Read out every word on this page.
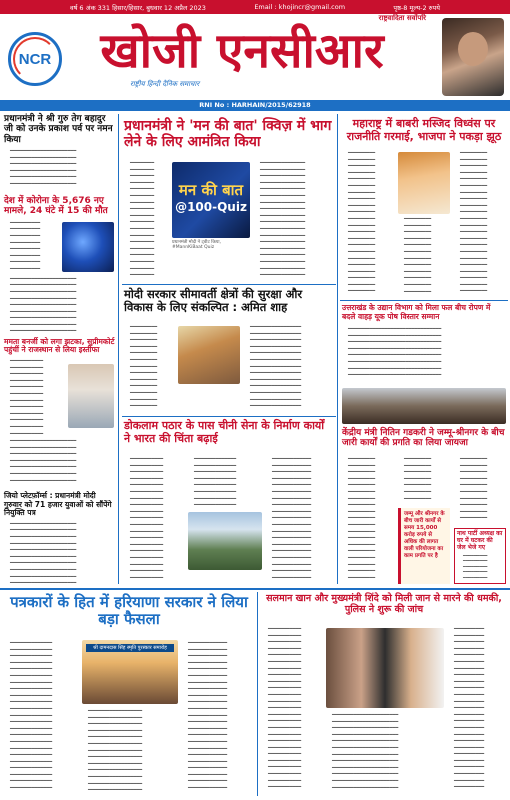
वर्ष 6 अंक 331 हिसार/हिसार, बुधवार 12 अप्रैल 2023	Email : khojincr@gmail.com	पृष्ठ-8 मूल्य-2 रुपये
NCR
राष्ट्रवादिता सर्वोपरि
खोजी एनसीआर
राष्ट्रीय हिन्दी दैनिक समाचार
RNI No : HARHAIN/2015/62918
प्रधानमंत्री ने श्री गुरु तेग बहादुर जी को उनके प्रकाश पर्व पर नमन किया

━━━━━━━━━━━━━━━━━━━━━━

━━━━━━━━━━━━━━━━━━━━━━

━━━━━━━━━━━━━━━━━━━━━━

━━━━━━━━━━━━━━━━━━━━━━

━━━━━━━━━━━━━━━━━━━━━━

━━━━━━━━━━━━━━━━━━━━━━

देश में कोरोना के 5,676 नए मामले, 24 घंटे में 15 की मौत

━━━━━━━━━━

━━━━━━━━━━

━━━━━━━━━━

━━━━━━━━━━

━━━━━━━━━━

━━━━━━━━━━

━━━━━━━━━━

━━━━━━━━━━

━━━━━━━━━━━━━━━━━━━━━━

━━━━━━━━━━━━━━━━━━━━━━

━━━━━━━━━━━━━━━━━━━━━━

━━━━━━━━━━━━━━━━━━━━━━

━━━━━━━━━━━━━━━━━━━━━━

━━━━━━━━━━━━━━━━━━━━━━

━━━━━━━━━━━━━━━━━━━━━━

━━━━━━━━━━━━━━━━━━━━━━

━━━━━━━━━━━━━━━━━━━━━━

ममता बनर्जी को लगा झटका, सुप्रीमकोर्ट पहुंचीं ने राजस्थान से लिया इस्तीफा

━━━━━━━━━━━

━━━━━━━━━━━

━━━━━━━━━━━

━━━━━━━━━━━

━━━━━━━━━━━

━━━━━━━━━━━

━━━━━━━━━━━

━━━━━━━━━━━

━━━━━━━━━━━

━━━━━━━━━━━

━━━━━━━━━━━

━━━━━━━━━━━

━━━━━━━━━━━━━━━━━━━━━━

━━━━━━━━━━━━━━━━━━━━━━

━━━━━━━━━━━━━━━━━━━━━━

━━━━━━━━━━━━━━━━━━━━━━

━━━━━━━━━━━━━━━━━━━━━━

━━━━━━━━━━━━━━━━━━━━━━

━━━━━━━━━━━━━━━━━━━━━━

जियो प्लेटफ़ॉर्म्स : प्रधानमंत्री मोदी गुरुवार को 71 हजार युवाओं को सौंपेंगे नियुक्ति पत्र

━━━━━━━━━━━━━━━━━━━━━━

━━━━━━━━━━━━━━━━━━━━━━

━━━━━━━━━━━━━━━━━━━━━━

━━━━━━━━━━━━━━━━━━━━━━

━━━━━━━━━━━━━━━━━━━━━━

━━━━━━━━━━━━━━━━━━━━━━

━━━━━━━━━━━━━━━━━━━━━━

━━━━━━━━━━━━━━━━━━━━━━

━━━━━━━━━━━━━━━━━━━━━━

━━━━━━━━━━━━━━━━━━━━━━

प्रधानमंत्री ने 'मन की बात' क्विज़ में भाग लेने के लिए आमंत्रित किया

━━━━━━━━

━━━━━━━━

━━━━━━━━

━━━━━━━━

━━━━━━━━

━━━━━━━━

━━━━━━━━

━━━━━━━━

━━━━━━━━

━━━━━━━━

━━━━━━━━

━━━━━━━━

━━━━━━━━

━━━━━━━━

━━━━━━━━

━━━━━━━━

━━━━━━━━

━━━━━━━━

मन की बात
@100-Quiz
प्रधानमंत्री मोदी ने ट्वीट किया, #MannKiBaat Quiz

━━━━━━━━━━━━━━━

━━━━━━━━━━━━━━━

━━━━━━━━━━━━━━━

━━━━━━━━━━━━━━━

━━━━━━━━━━━━━━━

━━━━━━━━━━━━━━━

━━━━━━━━━━━━━━━

━━━━━━━━━━━━━━━

━━━━━━━━━━━━━━━

━━━━━━━━━━━━━━━

━━━━━━━━━━━━━━━

━━━━━━━━━━━━━━━

━━━━━━━━━━━━━━━

━━━━━━━━━━━━━━━

━━━━━━━━━━━━━━━

━━━━━━━━━━━━━━━

━━━━━━━━━━━━━━━

━━━━━━━━━━━━━━━

मोदी सरकार सीमावर्ती क्षेत्रों की सुरक्षा और विकास के लिए संकल्पित : अमित शाह

━━━━━━━━━

━━━━━━━━━

━━━━━━━━━

━━━━━━━━━

━━━━━━━━━

━━━━━━━━━

━━━━━━━━━

━━━━━━━━━

━━━━━━━━━

━━━━━━━━━

━━━━━━━━━

━━━━━━━━━

━━━━━━━━━

━━━━━━━━━━━━━━━━━

━━━━━━━━━━━━━━━━━

━━━━━━━━━━━━━━━━━

━━━━━━━━━━━━━━━━━

━━━━━━━━━━━━━━━━━

━━━━━━━━━━━━━━━━━

━━━━━━━━━━━━━━━━━

━━━━━━━━━━━━━━━━━

━━━━━━━━━━━━━━━━━

━━━━━━━━━━━━━━━━━

━━━━━━━━━━━━━━━━━

━━━━━━━━━━━━━━━━━

━━━━━━━━━━━━━━━━━

डोकलाम पठार के पास चीनी सेना के निर्माण कार्यों ने भारत की चिंता बढ़ाई

━━━━━━━━━━━

━━━━━━━━━━━

━━━━━━━━━━━

━━━━━━━━━━━

━━━━━━━━━━━

━━━━━━━━━━━

━━━━━━━━━━━

━━━━━━━━━━━

━━━━━━━━━━━

━━━━━━━━━━━

━━━━━━━━━━━

━━━━━━━━━━━

━━━━━━━━━━━

━━━━━━━━━━━

━━━━━━━━━━━

━━━━━━━━━━━

━━━━━━━━━━━

━━━━━━━━━━━

━━━━━━━━━━━

━━━━━━━━━━━━━━

━━━━━━━━━━━━━━

━━━━━━━━━━━━━━

━━━━━━━━━━━━━━

━━━━━━━━━━━━━━

━━━━━━━━━━━━━━

━━━━━━━━━━━━━━

━━━━━━━━━━━━━━

━━━━━━━━━━━━━

━━━━━━━━━━━━━

━━━━━━━━━━━━━

━━━━━━━━━━━━━

━━━━━━━━━━━━━

━━━━━━━━━━━━━

━━━━━━━━━━━━━

━━━━━━━━━━━━━

━━━━━━━━━━━━━

━━━━━━━━━━━━━

━━━━━━━━━━━━━

━━━━━━━━━━━━━

━━━━━━━━━━━━━

━━━━━━━━━━━━━

━━━━━━━━━━━━━

━━━━━━━━━━━━━

━━━━━━━━━━━━━

━━━━━━━━━━━━━

━━━━━━━━━━━━━

महाराष्ट्र में बाबरी मस्जिद विध्वंस पर राजनीति गरमाई, भाजपा ने पकड़ा झूठ

━━━━━━━━━

━━━━━━━━━

━━━━━━━━━

━━━━━━━━━

━━━━━━━━━

━━━━━━━━━

━━━━━━━━━

━━━━━━━━━

━━━━━━━━━

━━━━━━━━━

━━━━━━━━━

━━━━━━━━━

━━━━━━━━━

━━━━━━━━━

━━━━━━━━━

━━━━━━━━━

━━━━━━━━━

━━━━━━━━━

━━━━━━━━━

━━━━━━━━━

━━━━━━━━━

━━━━━━━━━

━━━━━━━━━

━━━━━━━━━

━━━━━━━━━

━━━━━━━━━

━━━━━━━━━

━━━━━━━━━

━━━━━━━━━

━━━━━━━━━

━━━━━━━━━

━━━━━━━━━

━━━━━━━━━

━━━━━━━━━

━━━━━━━━━

━━━━━━━━━

━━━━━━━━━

━━━━━━━━━

━━━━━━━━━

━━━━━━━━━

━━━━━━━━━

━━━━━━━━━

━━━━━━━━━

━━━━━━━━━

━━━━━━━━━

━━━━━━━━━

━━━━━━━━━

━━━━━━━━━

━━━━━━━━━

━━━━━━━━━

━━━━━━━━━

━━━━━━━━━

━━━━━━━━━

━━━━━━━━━

━━━━━━━━━

━━━━━━━━━

उत्तराखंड के उद्यान विभाग को मिला फल बीच रोपण में बदले वाहड़ यूक पोष विस्तार सम्मान

━━━━━━━━━━━━━━━━━━━━━━━━━━━━━━━

━━━━━━━━━━━━━━━━━━━━━━━━━━━━━━━

━━━━━━━━━━━━━━━━━━━━━━━━━━━━━━━

━━━━━━━━━━━━━━━━━━━━━━━━━━━━━━━

━━━━━━━━━━━━━━━━━━━━━━━━━━━━━━━

━━━━━━━━━━━━━━━━━━━━━━━━━━━━━━━

━━━━━━━━━━━━━━━━━━━━━━━━━━━━━━━

━━━━━━━━━━━━━━━━━━━━━━━━━━━━━━━

केंद्रीय मंत्री नितिन गडकरी ने जम्मू-श्रीनगर के बीच जारी कार्यों की प्रगति का लिया जायजा

━━━━━━━━━

━━━━━━━━━

━━━━━━━━━

━━━━━━━━━

━━━━━━━━━

━━━━━━━━━

━━━━━━━━━

━━━━━━━━━

━━━━━━━━━

━━━━━━━━━

━━━━━━━━━

━━━━━━━━━

━━━━━━━━━

━━━━━━━━━

━━━━━━━━━

━━━━━━━━━

━━━━━━━━━

━━━━━━━━━

━━━━━━━━━

━━━━━━━━━

━━━━━━━━━

━━━━━━━━━

━━━━━━━━━

━━━━━━━━━

━━━━━━━━━

━━━━━━━━━

जम्मू और श्रीनगर के बीच जारी कार्यों से समय 15,000 करोड़ रुपये से अधिक की लागत वाली परियोजना का काम प्रगति पर है

━━━━━━━━━

━━━━━━━━━

━━━━━━━━━

━━━━━━━━━

━━━━━━━━━

━━━━━━━━━

━━━━━━━━━

━━━━━━━━━

━━━━━━━━━

━━━━━━━━━

नाथ पार्टी अध्यक्ष का घर में घटकर की जेल भेजे गए

━━━━━━━━━

━━━━━━━━━

━━━━━━━━━

━━━━━━━━━

━━━━━━━━━

पत्रकारों के हित में हरियाणा सरकार ने लिया बड़ा फैसला

━━━━━━━━━━━━━━

━━━━━━━━━━━━━━

━━━━━━━━━━━━━━

━━━━━━━━━━━━━━

━━━━━━━━━━━━━━

━━━━━━━━━━━━━━

━━━━━━━━━━━━━━

━━━━━━━━━━━━━━

━━━━━━━━━━━━━━

━━━━━━━━━━━━━━

━━━━━━━━━━━━━━

━━━━━━━━━━━━━━

━━━━━━━━━━━━━━

━━━━━━━━━━━━━━

━━━━━━━━━━━━━━

━━━━━━━━━━━━━━

━━━━━━━━━━━━━━

━━━━━━━━━━━━━━

━━━━━━━━━━━━━━

━━━━━━━━━━━━━━

━━━━━━━━━━━━━━

━━━━━━━━━━━━━━

━━━━━━━━━━━━━━

श्री दामनदास सिंह स्मृति पुरस्कार समारोह

━━━━━━━━━━━━━━━━━━

━━━━━━━━━━━━━━━━━━

━━━━━━━━━━━━━━━━━━

━━━━━━━━━━━━━━━━━━

━━━━━━━━━━━━━━━━━━

━━━━━━━━━━━━━━━━━━

━━━━━━━━━━━━━━━━━━

━━━━━━━━━━━━━━━━━━

━━━━━━━━━━━━━━━━━━

━━━━━━━━━━━━━━━━━━

━━━━━━━━━━━━━━━━━━

━━━━━━━━━━━━━━━━━━

━━━━━━━━━━━━━━━━━━

━━━━━━━━━━━━━

━━━━━━━━━━━━━

━━━━━━━━━━━━━

━━━━━━━━━━━━━

━━━━━━━━━━━━━

━━━━━━━━━━━━━

━━━━━━━━━━━━━

━━━━━━━━━━━━━

━━━━━━━━━━━━━

━━━━━━━━━━━━━

━━━━━━━━━━━━━

━━━━━━━━━━━━━

━━━━━━━━━━━━━

━━━━━━━━━━━━━

━━━━━━━━━━━━━

━━━━━━━━━━━━━

━━━━━━━━━━━━━

━━━━━━━━━━━━━

━━━━━━━━━━━━━

━━━━━━━━━━━━━

━━━━━━━━━━━━━

━━━━━━━━━━━━━

━━━━━━━━━━━━━

सलमान खान और मुख्यमंत्री शिंदे को मिली जान से मारने की धमकी, पुलिस ने शुरू की जांच

━━━━━━━━━━━

━━━━━━━━━━━

━━━━━━━━━━━

━━━━━━━━━━━

━━━━━━━━━━━

━━━━━━━━━━━

━━━━━━━━━━━

━━━━━━━━━━━

━━━━━━━━━━━

━━━━━━━━━━━

━━━━━━━━━━━

━━━━━━━━━━━

━━━━━━━━━━━

━━━━━━━━━━━

━━━━━━━━━━━

━━━━━━━━━━━

━━━━━━━━━━━

━━━━━━━━━━━

━━━━━━━━━━━

━━━━━━━━━━━

━━━━━━━━━━━

━━━━━━━━━━━

━━━━━━━━━━━

━━━━━━━━━━━

━━━━━━━━━━━

━━━━━━━━━━━━━━━━━━━━━━

━━━━━━━━━━━━━━━━━━━━━━

━━━━━━━━━━━━━━━━━━━━━━

━━━━━━━━━━━━━━━━━━━━━━

━━━━━━━━━━━━━━━━━━━━━━

━━━━━━━━━━━━━━━━━━━━━━

━━━━━━━━━━━━━━━━━━━━━━

━━━━━━━━━━━━━━━━━━━━━━

━━━━━━━━━━━━━━━━━━━━━━

━━━━━━━━━━━━━━━━━━━━━━

━━━━━━━━━━━━━━━━━━━━━━

━━━━━━━━━━━━━━━━━━━━━━

━━━━━━━━━━

━━━━━━━━━━

━━━━━━━━━━

━━━━━━━━━━

━━━━━━━━━━

━━━━━━━━━━

━━━━━━━━━━

━━━━━━━━━━

━━━━━━━━━━

━━━━━━━━━━

━━━━━━━━━━

━━━━━━━━━━

━━━━━━━━━━

━━━━━━━━━━

━━━━━━━━━━

━━━━━━━━━━

━━━━━━━━━━

━━━━━━━━━━

━━━━━━━━━━

━━━━━━━━━━

━━━━━━━━━━

━━━━━━━━━━

━━━━━━━━━━

━━━━━━━━━━

━━━━━━━━━━
